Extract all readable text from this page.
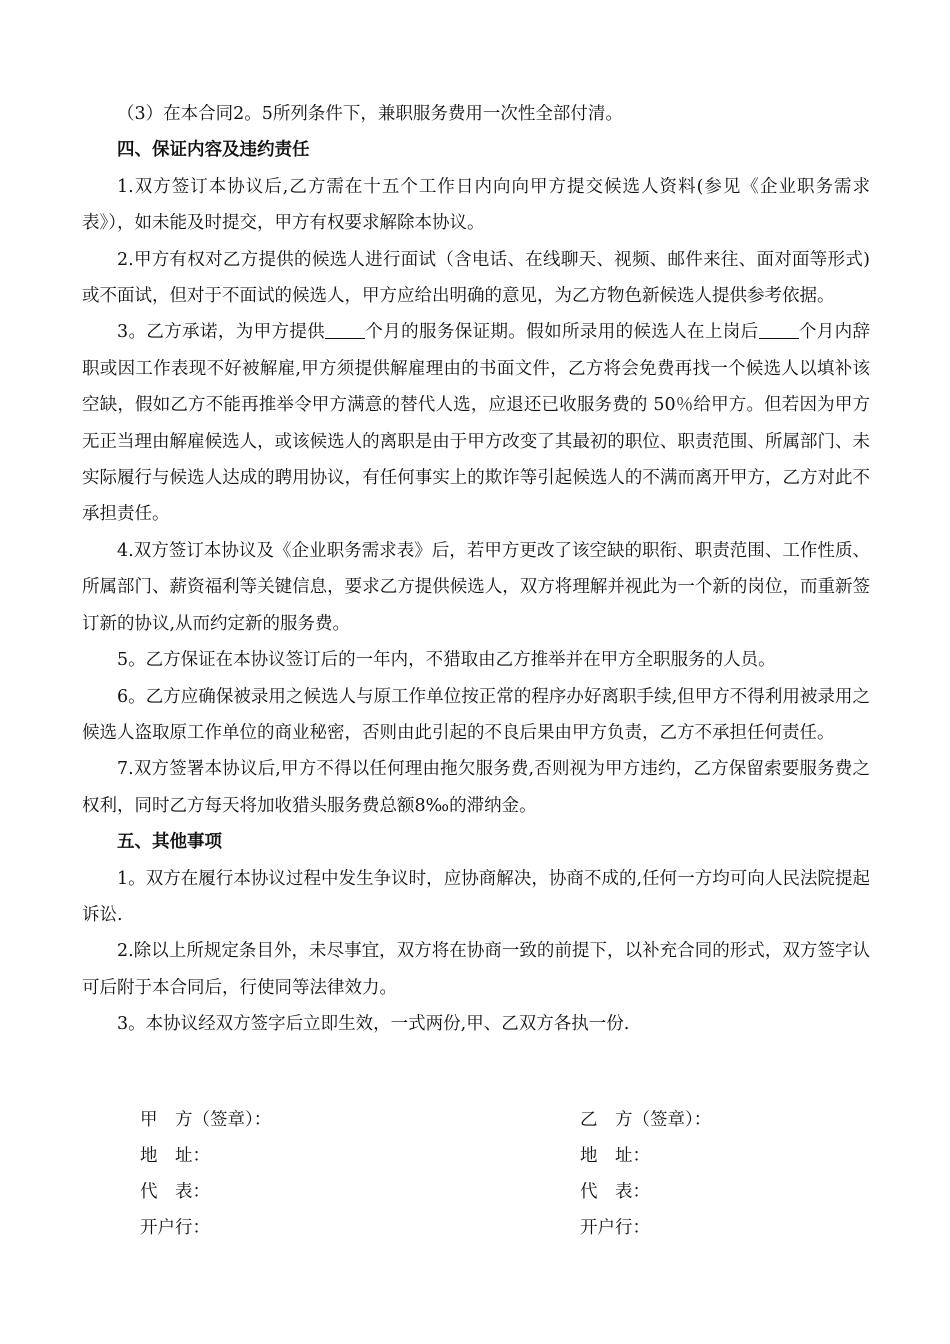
（3）在本合同2。5所列条件下，兼职服务费用一次性全部付清。

四、保证内容及违约责任

1.双方签订本协议后,乙方需在十五个工作日内向向甲方提交候选人资料(参见《企业职务需求表》），如未能及时提交，甲方有权要求解除本协议。

2.甲方有权对乙方提供的候选人进行面试（含电话、在线聊天、视频、邮件来往、面对面等形式)或不面试，但对于不面试的候选人，甲方应给出明确的意见，为乙方物色新候选人提供参考依据。

3。乙方承诺，为甲方提供 个月的服务保证期。假如所录用的候选人在上岗后 个月内辞职或因工作表现不好被解雇,甲方须提供解雇理由的书面文件，乙方将会免费再找一个候选人以填补该空缺，假如乙方不能再推举令甲方满意的替代人选，应退还已收服务费的 50％给甲方。但若因为甲方无正当理由解雇候选人，或该候选人的离职是由于甲方改变了其最初的职位、职责范围、所属部门、未实际履行与候选人达成的聘用协议，有任何事实上的欺诈等引起候选人的不满而离开甲方，乙方对此不承担责任。

4.双方签订本协议及《企业职务需求表》后，若甲方更改了该空缺的职衔、职责范围、工作性质、所属部门、薪资福利等关键信息，要求乙方提供候选人，双方将理解并视此为一个新的岗位，而重新签订新的协议,从而约定新的服务费。

5。乙方保证在本协议签订后的一年内，不猎取由乙方推举并在甲方全职服务的人员。

6。乙方应确保被录用之候选人与原工作单位按正常的程序办好离职手续,但甲方不得利用被录用之候选人盗取原工作单位的商业秘密，否则由此引起的不良后果由甲方负责，乙方不承担任何责任。

7.双方签署本协议后,甲方不得以任何理由拖欠服务费,否则视为甲方违约，乙方保留索要服务费之权利，同时乙方每天将加收猎头服务费总额8‰的滞纳金。

五、其他事项

1。双方在履行本协议过程中发生争议时，应协商解决，协商不成的,任何一方均可向人民法院提起诉讼.

2.除以上所规定条目外，未尽事宜，双方将在协商一致的前提下，以补充合同的形式，双方签字认可后附于本合同后，行使同等法律效力。

3。本协议经双方签字后立即生效，一式两份,甲、乙双方各执一份.

甲　方（签章）：	乙　方（签章）：
地　址：	地　址：
代　表：	代　表：
开户行：	开户行：
